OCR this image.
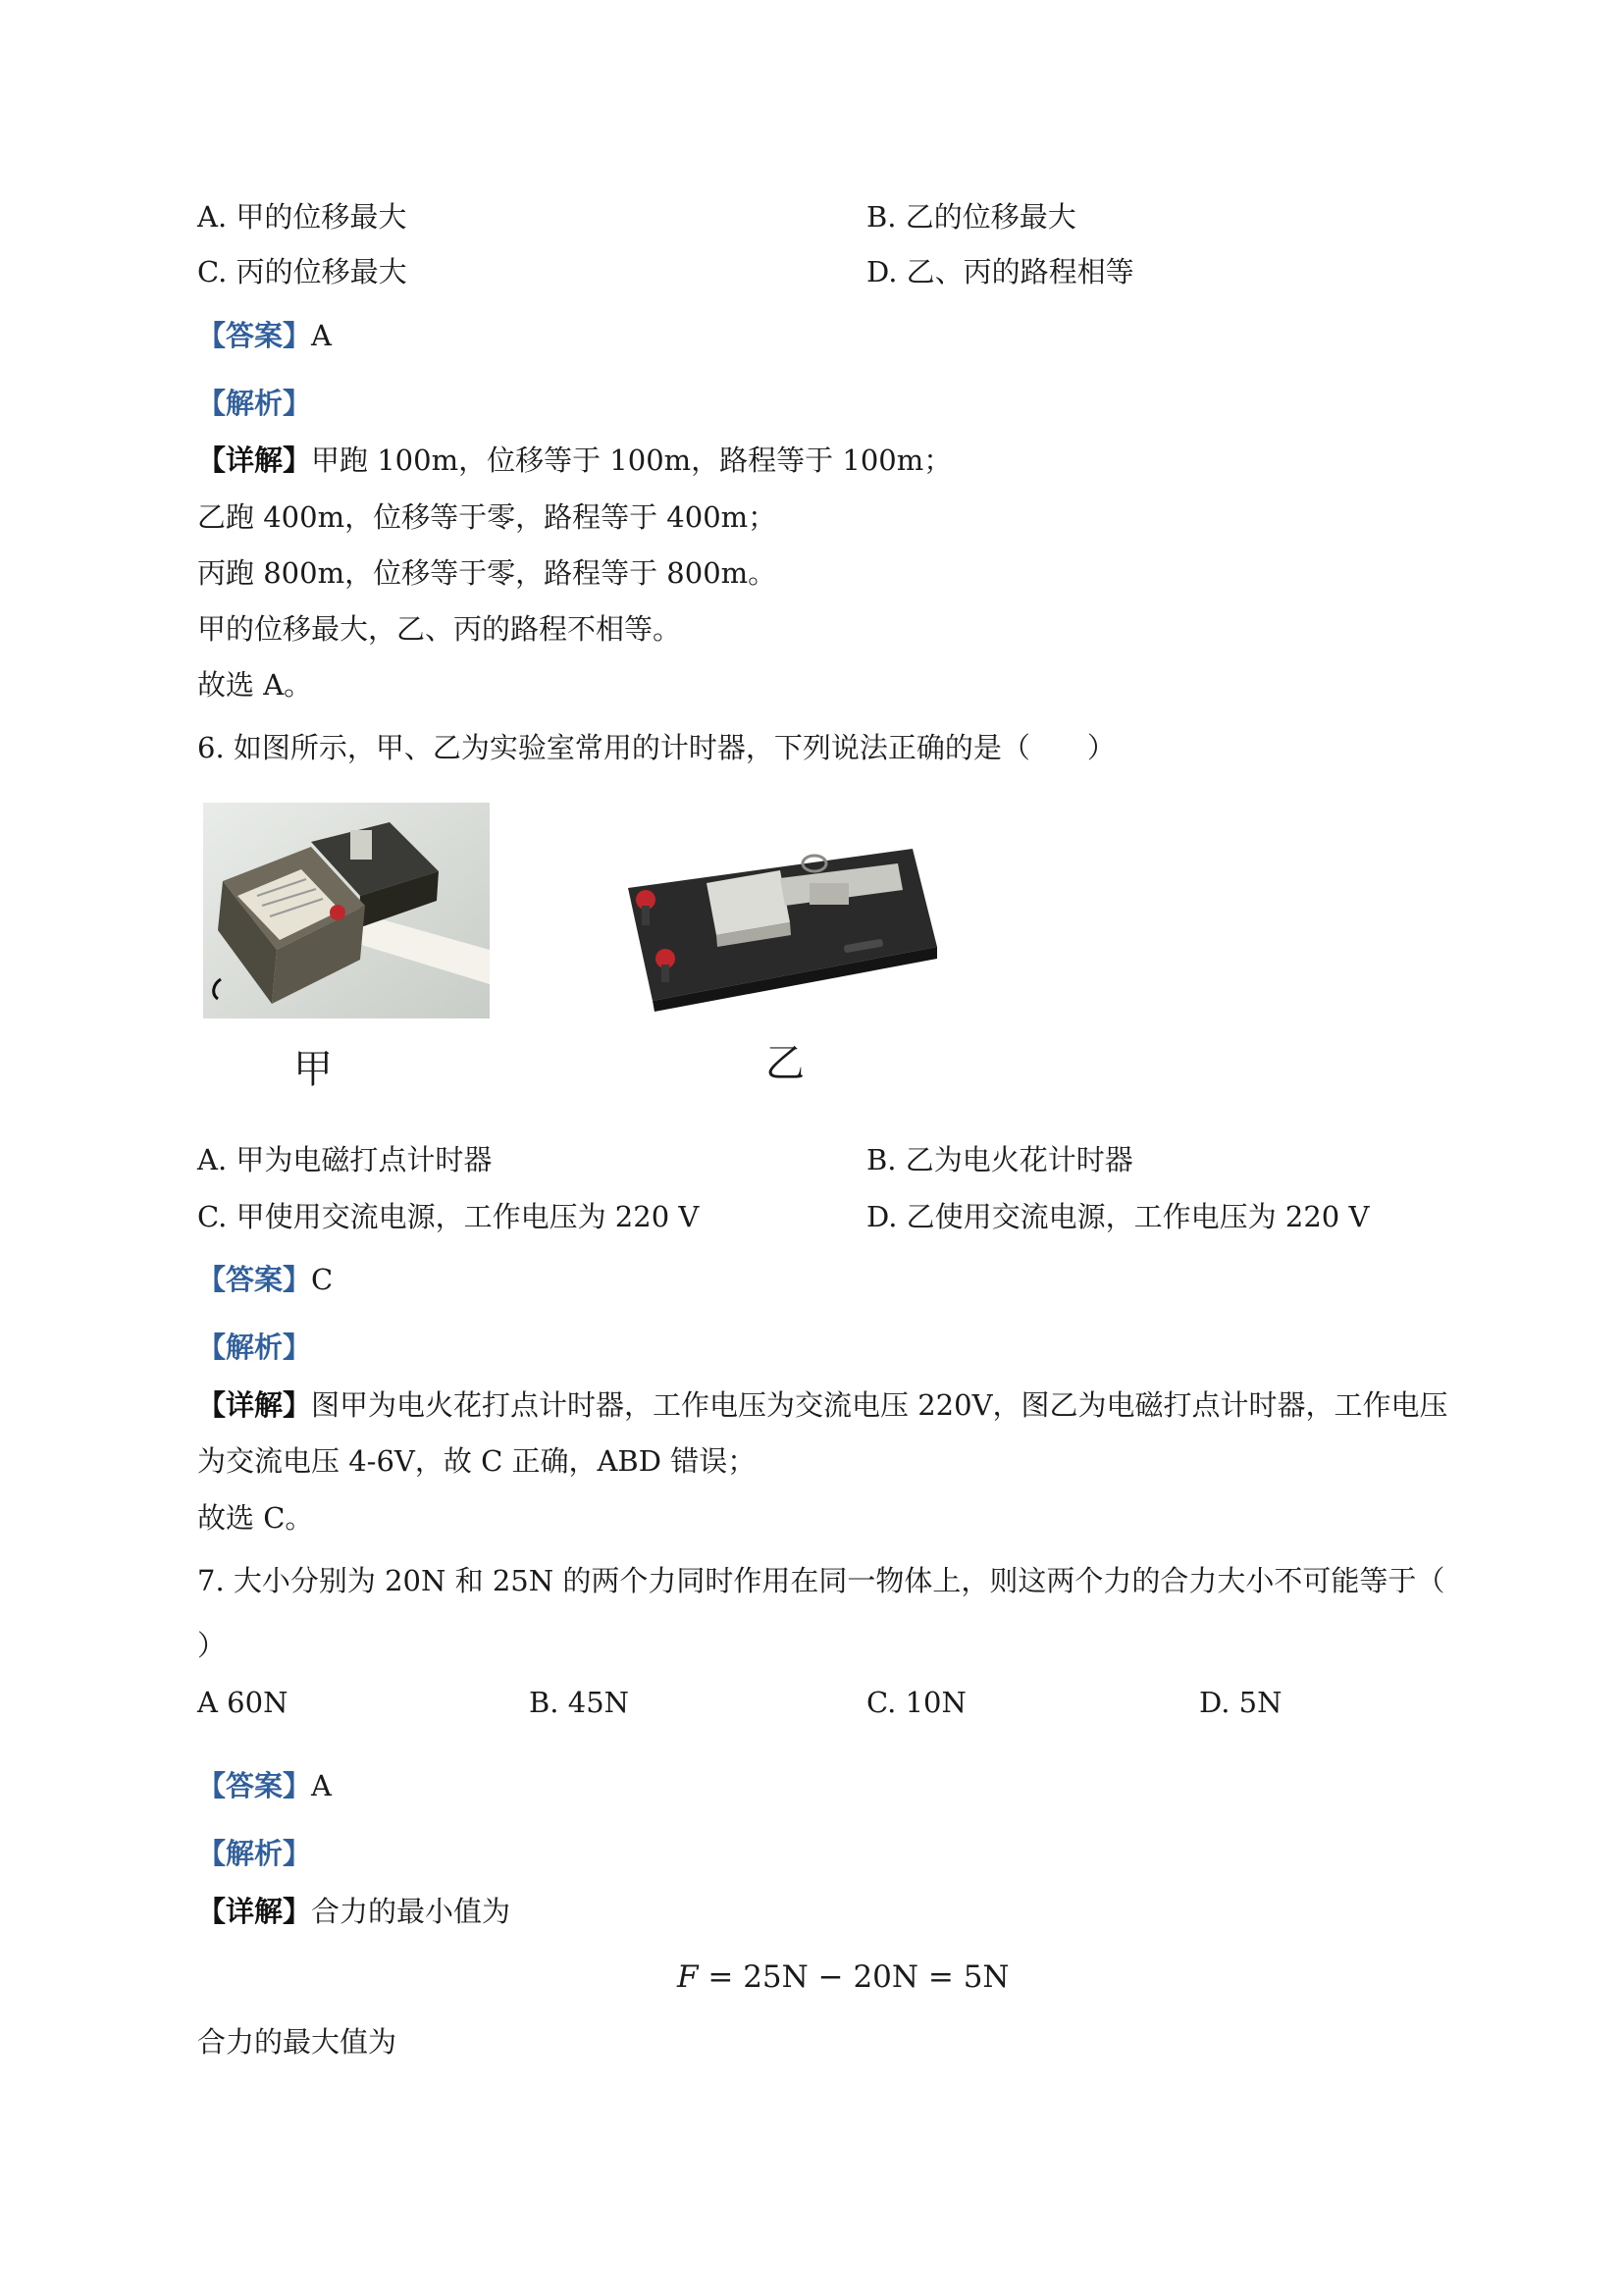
A. 甲的位移最大	B. 乙的位移最大
C. 丙的位移最大	D. 乙、丙的路程相等
【答案】A
【解析】
【详解】甲跑 100m，位移等于 100m，路程等于 100m；
乙跑 400m，位移等于零，路程等于 400m；
丙跑 800m，位移等于零，路程等于 800m。
甲的位移最大，乙、丙的路程不相等。
故选 A。
6. 如图所示，甲、乙为实验室常用的计时器，下列说法正确的是（　　）
甲	乙
A. 甲为电磁打点计时器	B. 乙为电火花计时器
C. 甲使用交流电源，工作电压为 220 V	D. 乙使用交流电源，工作电压为 220 V
【答案】C
【解析】
【详解】图甲为电火花打点计时器，工作电压为交流电压 220V，图乙为电磁打点计时器，工作电压
为交流电压 4-6V，故 C 正确，ABD 错误；
故选 C。
7. 大小分别为 20N 和 25N 的两个力同时作用在同一物体上，则这两个力的合力大小不可能等于（
）
A 60N	B. 45N	C. 10N	D. 5N
【答案】A
【解析】
【详解】合力的最小值为
F = 25N − 20N = 5N
合力的最大值为
